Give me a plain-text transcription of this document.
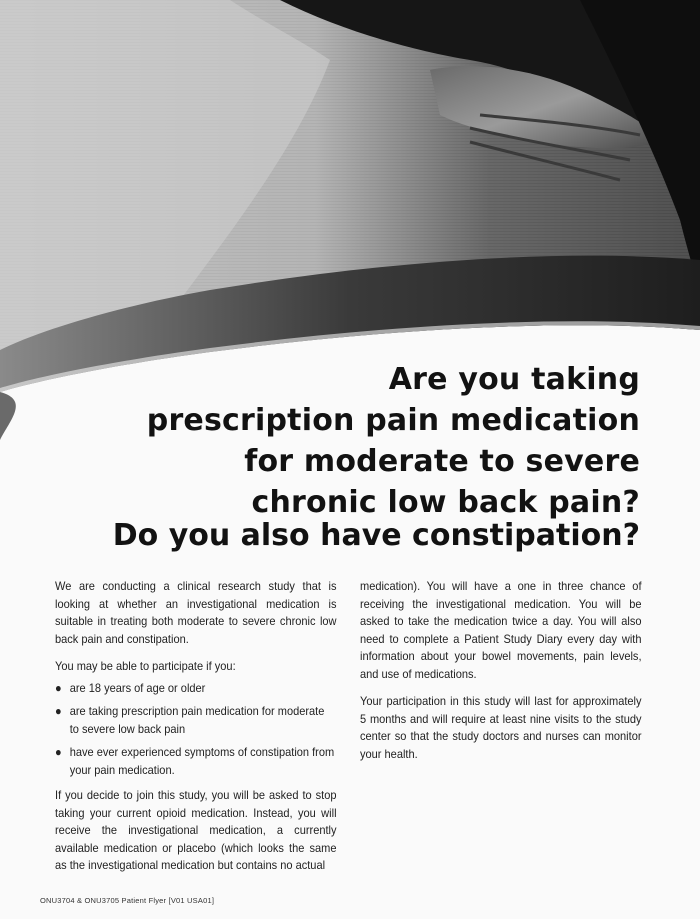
Are you taking
prescription pain medication
for moderate to severe
chronic low back pain?
Do you also have constipation?

We are conducting a clinical research study that is looking at whether an investigational medication is suitable in treating both moderate to severe chronic low back pain and constipation.

You may be able to participate if you:

● are 18 years of age or older
● are taking prescription pain medication for moderate to severe low back pain
● have ever experienced symptoms of constipation from your pain medication.

If you decide to join this study, you will be asked to stop taking your current opioid medication. Instead, you will receive the investigational medication, a currently available medication or placebo (which looks the same as the investigational medication but contains no actual

medication). You will have a one in three chance of receiving the investigational medication. You will be asked to take the medication twice a day. You will also need to complete a Patient Study Diary every day with information about your bowel movements, pain levels, and use of medications.

Your participation in this study will last for approximately 5 months and will require at least nine visits to the study center so that the study doctors and nurses can monitor your health.

ONU3704 & ONU3705 Patient Flyer [V01 USA01]
